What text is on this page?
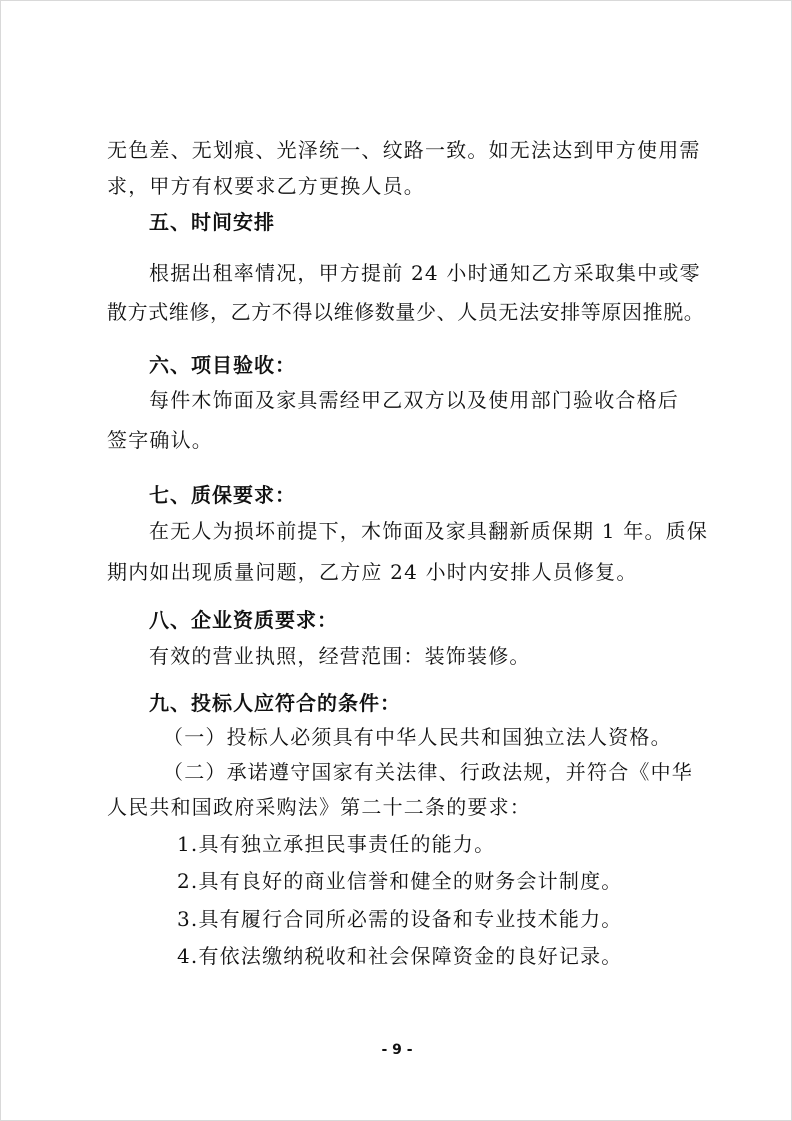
无色差、无划痕、光泽统一、纹路一致。如无法达到甲方使用需
求，甲方有权要求乙方更换人员。
五、时间安排
根据出租率情况，甲方提前 24 小时通知乙方采取集中或零
散方式维修，乙方不得以维修数量少、人员无法安排等原因推脱。
六、项目验收：
每件木饰面及家具需经甲乙双方以及使用部门验收合格后
签字确认。
七、质保要求：
在无人为损坏前提下，木饰面及家具翻新质保期 1 年。质保
期内如出现质量问题，乙方应 24 小时内安排人员修复。
八、企业资质要求：
有效的营业执照，经营范围：装饰装修。
九、投标人应符合的条件：
（一）投标人必须具有中华人民共和国独立法人资格。
（二）承诺遵守国家有关法律、行政法规，并符合《中华
人民共和国政府采购法》第二十二条的要求：
1.具有独立承担民事责任的能力。
2.具有良好的商业信誉和健全的财务会计制度。
3.具有履行合同所必需的设备和专业技术能力。
4.有依法缴纳税收和社会保障资金的良好记录。
- 9 -
